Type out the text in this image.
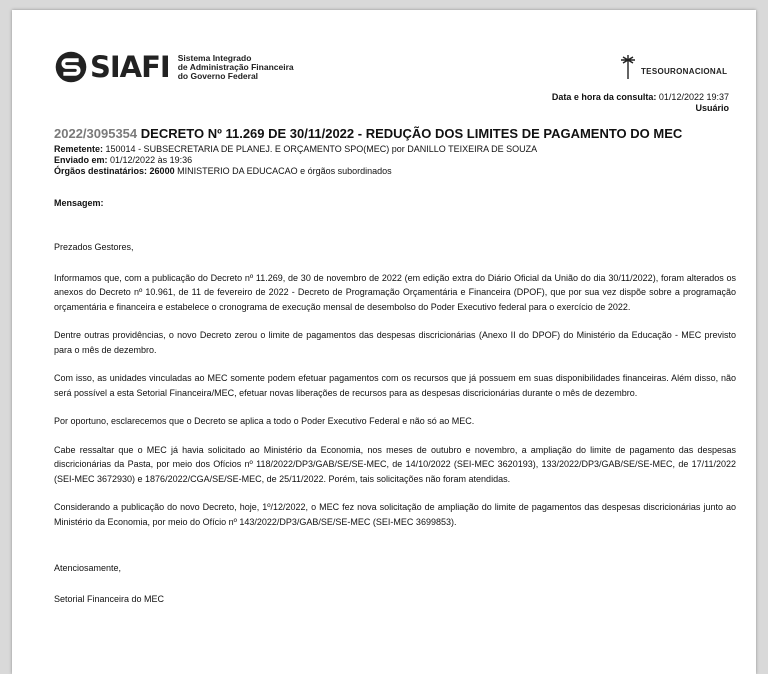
SIAFI Sistema Integrado
de Administração Financeira
do Governo Federal	TESOURONACIONAL
Data e hora da consulta: 01/12/2022 19:37
Usuário
2022/3095354 DECRETO Nº 11.269 DE 30/11/2022 - REDUÇÃO DOS LIMITES DE PAGAMENTO DO MEC
Remetente: 150014 - SUBSECRETARIA DE PLANEJ. E ORÇAMENTO SPO(MEC) por DANILLO TEIXEIRA DE SOUZA
Enviado em: 01/12/2022 às 19:36
Órgãos destinatários: 26000 MINISTERIO DA EDUCACAO e órgãos subordinados
Mensagem:

Prezados Gestores,

Informamos que, com a publicação do Decreto nº 11.269, de 30 de novembro de 2022 (em edição extra do Diário Oficial da União do dia 30/11/2022), foram alterados os anexos do Decreto nº 10.961, de 11 de fevereiro de 2022 - Decreto de Programação Orçamentária e Financeira (DPOF), que por sua vez dispõe sobre a programação orçamentária e financeira e estabelece o cronograma de execução mensal de desembolso do Poder Executivo federal para o exercício de 2022.

Dentre outras providências, o novo Decreto zerou o limite de pagamentos das despesas discricionárias (Anexo II do DPOF) do Ministério da Educação - MEC previsto para o mês de dezembro.

Com isso, as unidades vinculadas ao MEC somente podem efetuar pagamentos com os recursos que já possuem em suas disponibilidades financeiras. Além disso, não será possível a esta Setorial Financeira/MEC, efetuar novas liberações de recursos para as despesas discricionárias durante o mês de dezembro.

Por oportuno, esclarecemos que o Decreto se aplica a todo o Poder Executivo Federal e não só ao MEC.

Cabe ressaltar que o MEC já havia solicitado ao Ministério da Economia, nos meses de outubro e novembro, a ampliação do limite de pagamento das despesas discricionárias da Pasta, por meio dos Ofícios nº 118/2022/DP3/GAB/SE/SE-MEC, de 14/10/2022 (SEI-MEC 3620193), 133/2022/DP3/GAB/SE/SE-MEC, de 17/11/2022 (SEI-MEC 3672930) e 1876/2022/CGA/SE/SE-MEC, de 25/11/2022. Porém, tais solicitações não foram atendidas.

Considerando a publicação do novo Decreto, hoje, 1º/12/2022, o MEC fez nova solicitação de ampliação do limite de pagamentos das despesas discricionárias junto ao Ministério da Economia, por meio do Ofício nº 143/2022/DP3/GAB/SE/SE-MEC (SEI-MEC 3699853).

Atenciosamente,

Setorial Financeira do MEC
